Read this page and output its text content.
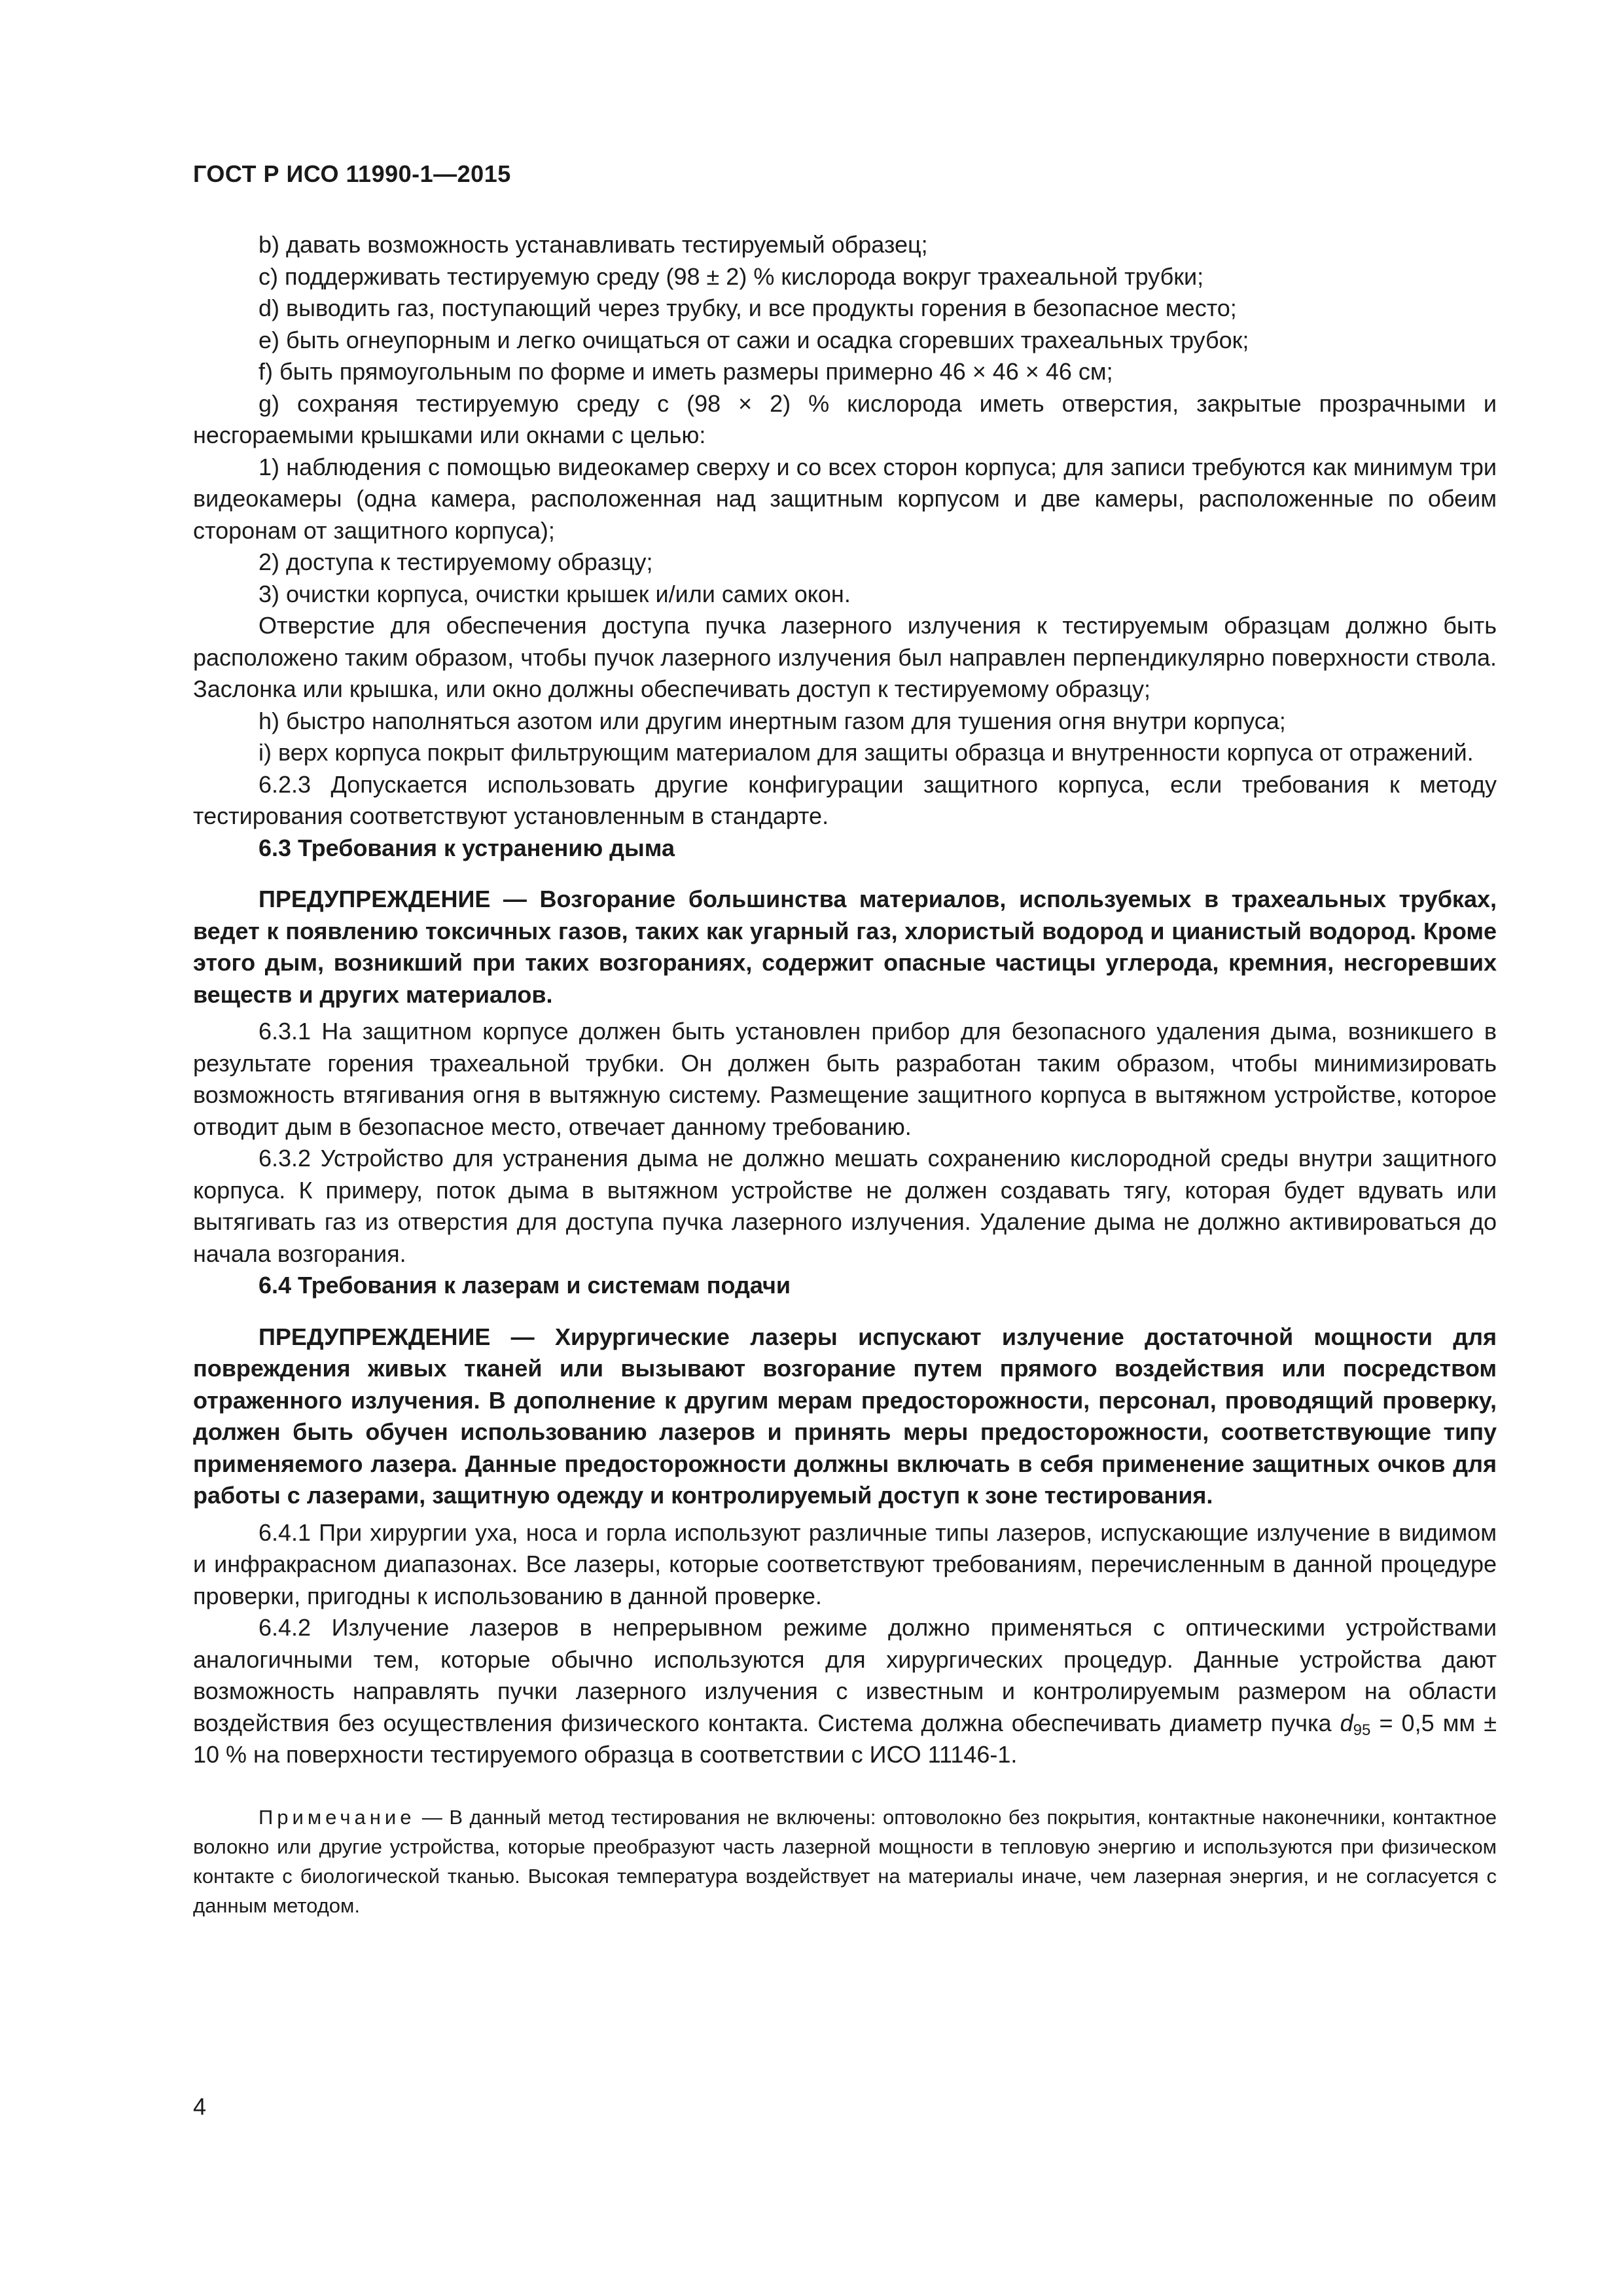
ГОСТ Р ИСО 11990-1—2015

b) давать возможность устанавливать тестируемый образец;

c) поддерживать тестируемую среду (98 ± 2) % кислорода вокруг трахеальной трубки;

d) выводить газ, поступающий через трубку, и все продукты горения в безопасное место;

e) быть огнеупорным и легко очищаться от сажи и осадка сгоревших трахеальных трубок;

f) быть прямоугольным по форме и иметь размеры примерно 46 × 46 × 46 см;

g) сохраняя тестируемую среду с (98 × 2) % кислорода иметь отверстия, закрытые прозрачными и несгораемыми крышками или окнами с целью:

1) наблюдения с помощью видеокамер сверху и со всех сторон корпуса; для записи требуются как минимум три видеокамеры (одна камера, расположенная над защитным корпусом и две камеры, расположенные по обеим сторонам от защитного корпуса);

2) доступа к тестируемому образцу;

3) очистки корпуса, очистки крышек и/или самих окон.

Отверстие для обеспечения доступа пучка лазерного излучения к тестируемым образцам должно быть расположено таким образом, чтобы пучок лазерного излучения был направлен перпендикулярно поверхности ствола. Заслонка или крышка, или окно должны обеспечивать доступ к тестируемому образцу;

h) быстро наполняться азотом или другим инертным газом для тушения огня внутри корпуса;

i) верх корпуса покрыт фильтрующим материалом для защиты образца и внутренности корпуса от отражений.

6.2.3 Допускается использовать другие конфигурации защитного корпуса, если требования к методу тестирования соответствуют установленным в стандарте.

6.3 Требования к устранению дыма

ПРЕДУПРЕЖДЕНИЕ — Возгорание большинства материалов, используемых в трахеальных трубках, ведет к появлению токсичных газов, таких как угарный газ, хлористый водород и цианистый водород. Кроме этого дым, возникший при таких возгораниях, содержит опасные частицы углерода, кремния, несгоревших веществ и других материалов.

6.3.1 На защитном корпусе должен быть установлен прибор для безопасного удаления дыма, возникшего в результате горения трахеальной трубки. Он должен быть разработан таким образом, чтобы минимизировать возможность втягивания огня в вытяжную систему. Размещение защитного корпуса в вытяжном устройстве, которое отводит дым в безопасное место, отвечает данному требованию.

6.3.2 Устройство для устранения дыма не должно мешать сохранению кислородной среды внутри защитного корпуса. К примеру, поток дыма в вытяжном устройстве не должен создавать тягу, которая будет вдувать или вытягивать газ из отверстия для доступа пучка лазерного излучения. Удаление дыма не должно активироваться до начала возгорания.

6.4 Требования к лазерам и системам подачи

ПРЕДУПРЕЖДЕНИЕ — Хирургические лазеры испускают излучение достаточной мощности для повреждения живых тканей или вызывают возгорание путем прямого воздействия или посредством отраженного излучения. В дополнение к другим мерам предосторожности, персонал, проводящий проверку, должен быть обучен использованию лазеров и принять меры предосторожности, соответствующие типу применяемого лазера. Данные предосторожности должны включать в себя применение защитных очков для работы с лазерами, защитную одежду и контролируемый доступ к зоне тестирования.

6.4.1 При хирургии уха, носа и горла используют различные типы лазеров, испускающие излучение в видимом и инфракрасном диапазонах. Все лазеры, которые соответствуют требованиям, перечисленным в данной процедуре проверки, пригодны к использованию в данной проверке.

6.4.2 Излучение лазеров в непрерывном режиме должно применяться с оптическими устройствами аналогичными тем, которые обычно используются для хирургических процедур. Данные устройства дают возможность направлять пучки лазерного излучения с известным и контролируемым размером на области воздействия без осуществления физического контакта. Система должна обеспечивать диаметр пучка $d_{95} = 0,5$ мм ± 10 % на поверхности тестируемого образца в соответствии с ИСО 11146-1.

Примечание — В данный метод тестирования не включены: оптоволокно без покрытия, контактные наконечники, контактное волокно или другие устройства, которые преобразуют часть лазерной мощности в тепловую энергию и используются при физическом контакте с биологической тканью. Высокая температура воздействует на материалы иначе, чем лазерная энергия, и не согласуется с данным методом.

4
